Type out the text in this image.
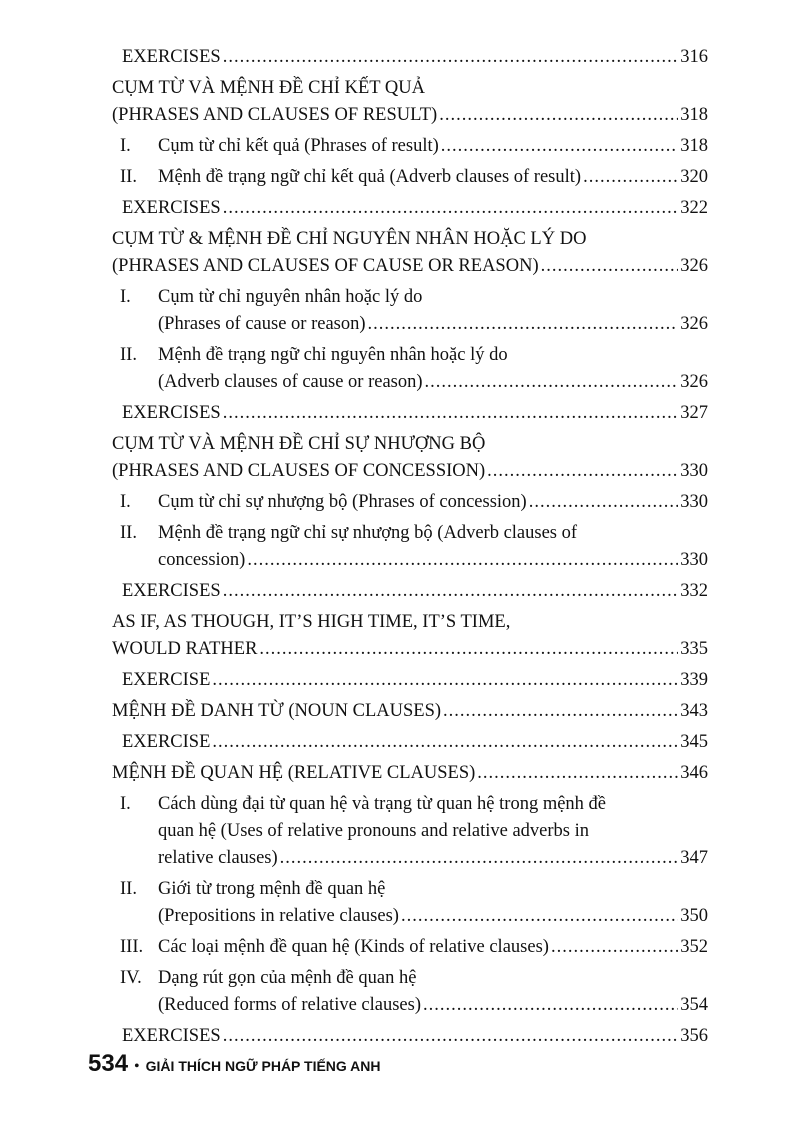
EXERCISES .....	316
CỤM TỪ VÀ MỆNH ĐỀ CHỈ KẾT QUẢ
(PHRASES AND CLAUSES OF RESULT) .....	318
I. Cụm từ chỉ kết quả (Phrases of result) .....	318
II. Mệnh đề trạng ngữ chỉ kết quả (Adverb clauses of result) .....	320
EXERCISES .....	322
CỤM TỪ & MỆNH ĐỀ CHỈ NGUYÊN NHÂN HOẶC LÝ DO
(PHRASES AND CLAUSES OF CAUSE OR REASON) .....	326
I. Cụm từ chỉ nguyên nhân hoặc lý do
(Phrases of cause or reason) .....	326
II. Mệnh đề trạng ngữ chỉ nguyên nhân hoặc lý do
(Adverb clauses of cause or reason) .....	326
EXERCISES .....	327
CỤM TỪ VÀ MỆNH ĐỀ CHỈ SỰ NHƯỢNG BỘ
(PHRASES AND CLAUSES OF CONCESSION) .....	330
I. Cụm từ chỉ sự nhượng bộ (Phrases of concession) .....	330
II. Mệnh đề trạng ngữ chỉ sự nhượng bộ (Adverb clauses of
concession) .....	330
EXERCISES .....	332
AS IF, AS THOUGH, IT’S HIGH TIME, IT’S TIME,
WOULD RATHER .....	335
EXERCISE .....	339
MỆNH ĐỀ DANH TỪ (NOUN CLAUSES) .....	343
EXERCISE .....	345
MỆNH ĐỀ QUAN HỆ (RELATIVE CLAUSES) .....	346
I. Cách dùng đại từ quan hệ và trạng từ quan hệ trong mệnh đề
quan hệ (Uses of relative pronouns and relative adverbs in
relative clauses) .....	347
II. Giới từ trong mệnh đề quan hệ
(Prepositions in relative clauses) .....	350
III. Các loại mệnh đề quan hệ (Kinds of relative clauses) .....	352
IV. Dạng rút gọn của mệnh đề quan hệ
(Reduced forms of relative clauses) .....	354
EXERCISES .....	356
534 • GIẢI THÍCH NGỮ PHÁP TIẾNG ANH
